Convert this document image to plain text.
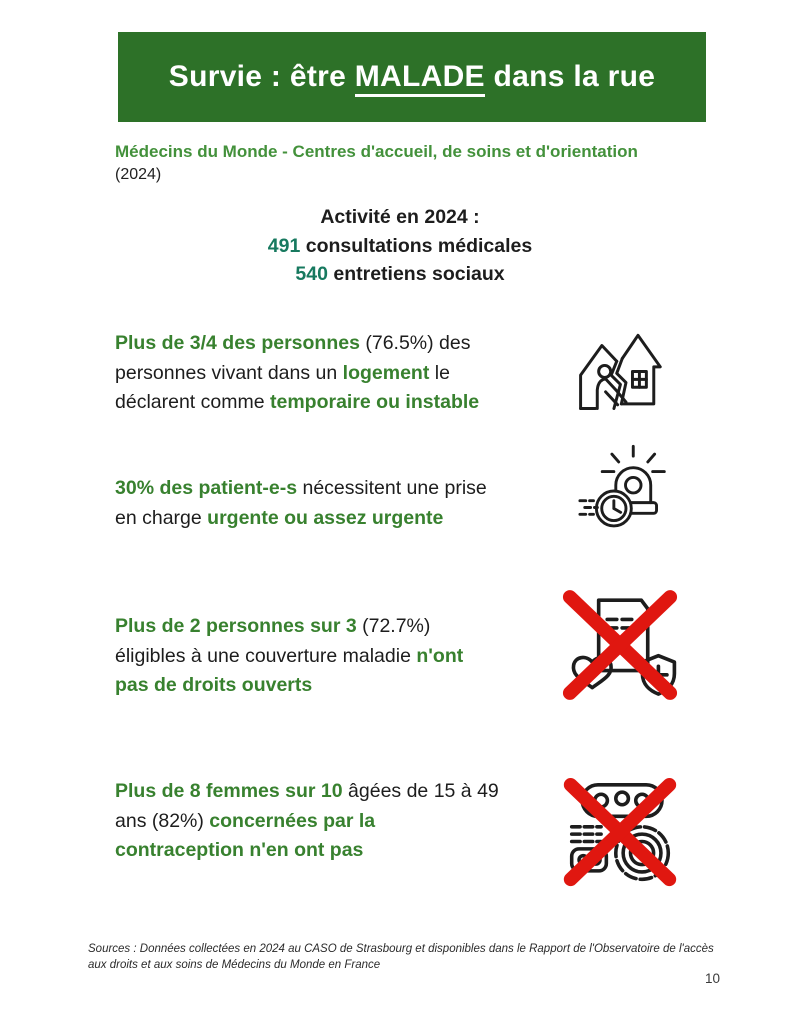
Survie : être MALADE dans la rue
Médecins du Monde - Centres d'accueil, de soins et d'orientation
(2024)
Activité en 2024 :
491 consultations médicales
540 entretiens sociaux
Plus de 3/4 des personnes (76.5%) des
personnes vivant dans un logement le
déclarent comme temporaire ou instable
30% des patient-e-s nécessitent une prise
en charge urgente ou assez urgente
Plus de 2 personnes sur 3 (72.7%)
éligibles à une couverture maladie n'ont
pas de droits ouverts
Plus de 8 femmes sur 10 âgées de 15 à 49
ans (82%) concernées par la
contraception n'en ont pas
Sources : Données collectées en 2024 au CASO de Strasbourg et disponibles dans le Rapport de l'Observatoire de l'accès
aux droits et aux soins de Médecins du Monde en France
10
